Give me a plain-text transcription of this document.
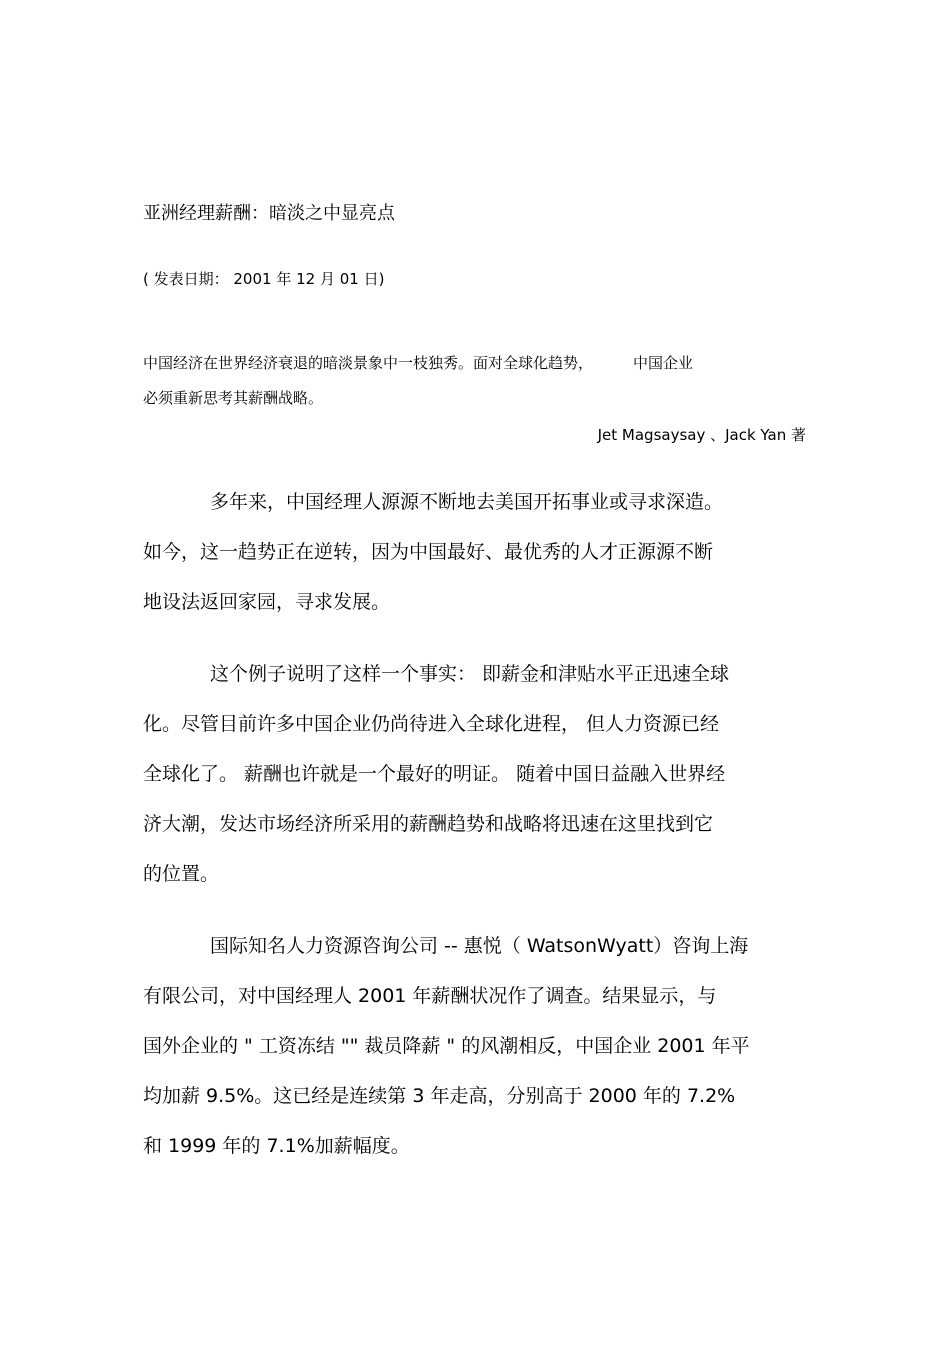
亚洲经理薪酬：暗淡之中显亮点
( 发表日期： 2001 年 12 月 01 日)
中国经济在世界经济衰退的暗淡景象中一枝独秀。面对全球化趋势，	中国企业
必须重新思考其薪酬战略。
Jet Magsaysay 、Jack Yan 著
多年来，中国经理人源源不断地去美国开拓事业或寻求深造。
如今，这一趋势正在逆转，因为中国最好、最优秀的人才正源源不断
地设法返回家园，寻求发展。
这个例子说明了这样一个事实： 即薪金和津贴水平正迅速全球
化。尽管目前许多中国企业仍尚待进入全球化进程， 但人力资源已经
全球化了。 薪酬也许就是一个最好的明证。 随着中国日益融入世界经
济大潮，发达市场经济所采用的薪酬趋势和战略将迅速在这里找到它
的位置。
国际知名人力资源咨询公司 -- 惠悦（ WatsonWyatt）咨询上海
有限公司，对中国经理人 2001 年薪酬状况作了调查。结果显示，与
国外企业的 " 工资冻结 "" 裁员降薪 " 的风潮相反，中国企业 2001 年平
均加薪 9.5%。这已经是连续第 3 年走高，分别高于 2000 年的 7.2%
和 1999 年的 7.1%加薪幅度。
